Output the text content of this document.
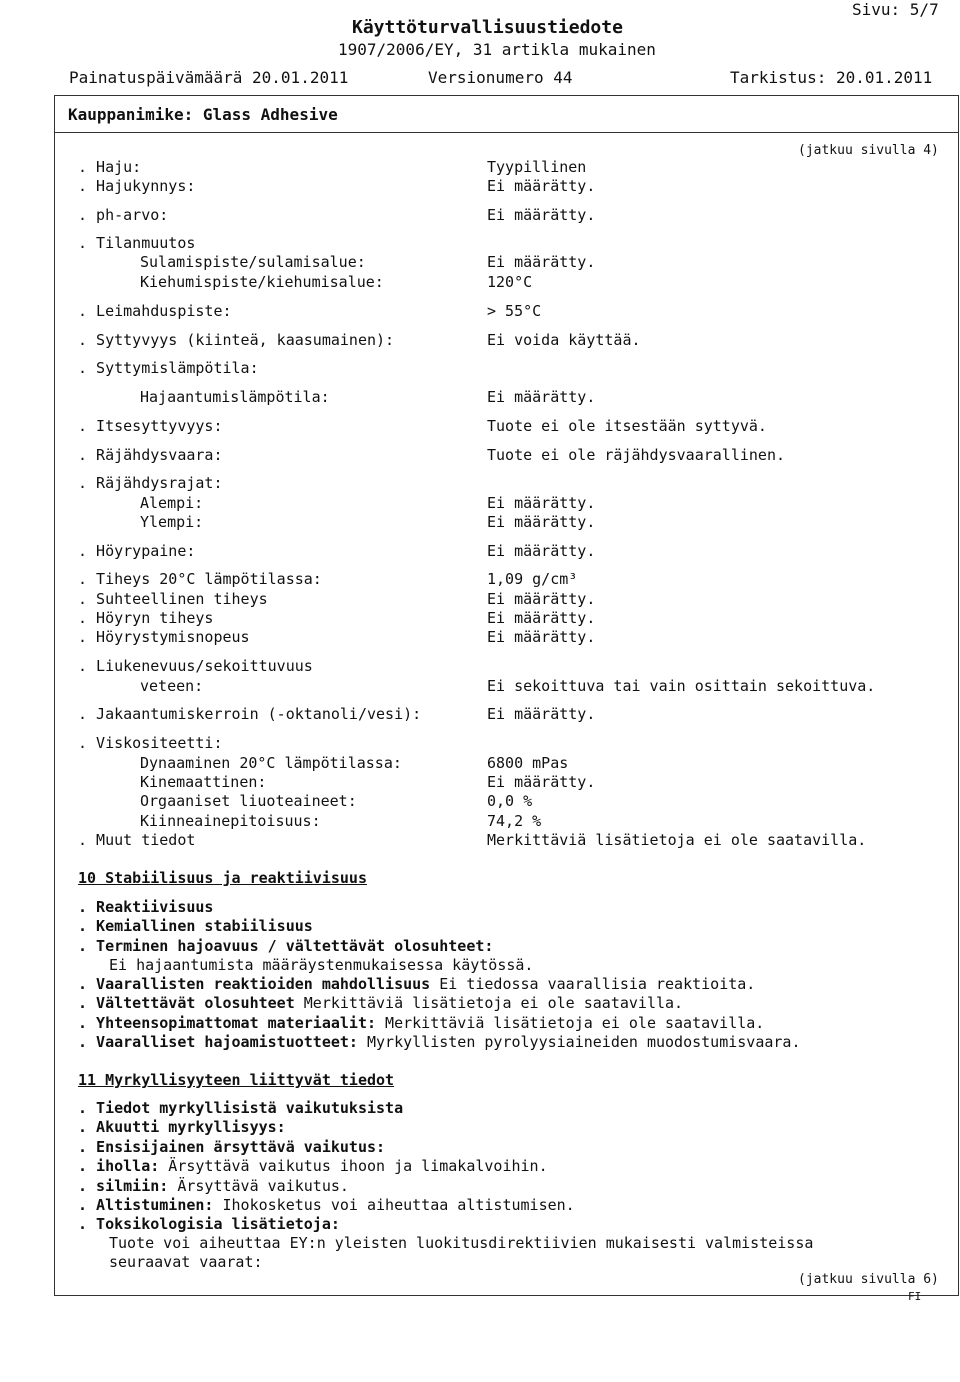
Sivu: 5/7
Käyttöturvallisuustiedote
1907/2006/EY, 31 artikla mukainen
Painatuspäivämäärä 20.01.2011	Versionumero 44	Tarkistus: 20.01.2011
Kauppanimike: Glass Adhesive
(jatkuu sivulla 4)
. Haju:	Tyypillinen
. Hajukynnys:	Ei määrätty.
. ph-arvo:	Ei määrätty.
. Tilanmuutos
Sulamispiste/sulamisalue:	Ei määrätty.
Kiehumispiste/kiehumisalue:	120°C
. Leimahduspiste:	> 55°C
. Syttyvyys (kiinteä, kaasumainen):	Ei voida käyttää.
. Syttymislämpötila:
Hajaantumislämpötila:	Ei määrätty.
. Itsesyttyvyys:	Tuote ei ole itsestään syttyvä.
. Räjähdysvaara:	Tuote ei ole räjähdysvaarallinen.
. Räjähdysrajat:
Alempi:	Ei määrätty.
Ylempi:	Ei määrätty.
. Höyrypaine:	Ei määrätty.
. Tiheys 20°C lämpötilassa:	1,09 g/cm³
. Suhteellinen tiheys	Ei määrätty.
. Höyryn tiheys	Ei määrätty.
. Höyrystymisnopeus	Ei määrätty.
. Liukenevuus/sekoittuvuus
veteen:	Ei sekoittuva tai vain osittain sekoittuva.
. Jakaantumiskerroin (-oktanoli/vesi):	Ei määrätty.
. Viskositeetti:
Dynaaminen 20°C lämpötilassa:	6800 mPas
Kinemaattinen:	Ei määrätty.
Orgaaniset liuoteaineet:	0,0 %
Kiinneainepitoisuus:	74,2 %
. Muut tiedot	Merkittäviä lisätietoja ei ole saatavilla.
10 Stabiilisuus ja reaktiivisuus
. Reaktiivisuus
. Kemiallinen stabiilisuus
. Terminen hajoavuus / vältettävät olosuhteet:
Ei hajaantumista määräystenmukaisessa käytössä.
. Vaarallisten reaktioiden mahdollisuus Ei tiedossa vaarallisia reaktioita.
. Vältettävät olosuhteet Merkittäviä lisätietoja ei ole saatavilla.
. Yhteensopimattomat materiaalit: Merkittäviä lisätietoja ei ole saatavilla.
. Vaaralliset hajoamistuotteet: Myrkyllisten pyrolyysiaineiden muodostumisvaara.
11 Myrkyllisyyteen liittyvät tiedot
. Tiedot myrkyllisistä vaikutuksista
. Akuutti myrkyllisyys:
. Ensisijainen ärsyttävä vaikutus:
. iholla: Ärsyttävä vaikutus ihoon ja limakalvoihin.
. silmiin: Ärsyttävä vaikutus.
. Altistuminen: Ihokosketus voi aiheuttaa altistumisen.
. Toksikologisia lisätietoja:
Tuote voi aiheuttaa EY:n yleisten luokitusdirektiivien mukaisesti valmisteissa
seuraavat vaarat:
(jatkuu sivulla 6)
FI
